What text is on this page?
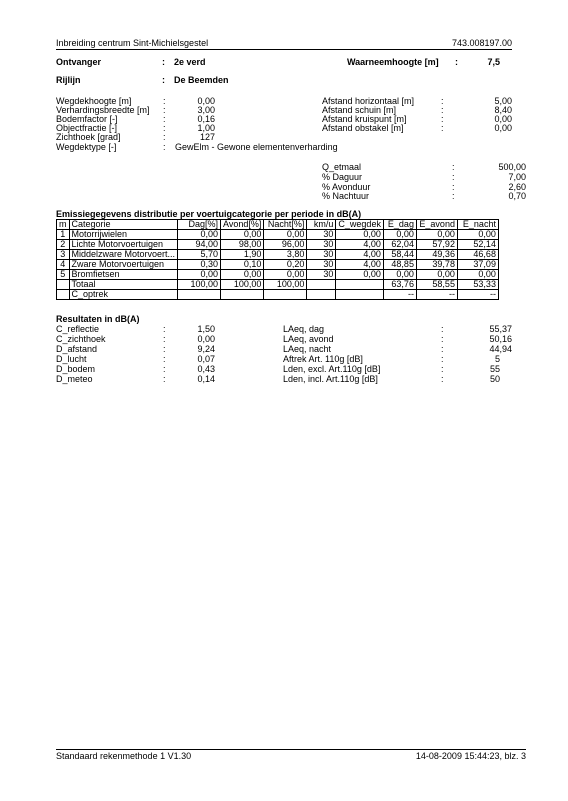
Inbreiding centrum Sint-Michielsgestel	743.008197.00
Ontvanger	: 2e verd	Waarneemhoogte [m] :	7,5
Rijlijn	: De Beemden
Wegdekhoogte [m]	:	0,00
Verhardingsbreedte [m] :	3,00
Bodemfactor [-]	:	0,16
Objectfractie [-]	:	1,00
Zichthoek [grad]	:	127
Wegdektype [-]	: GewElm - Gewone elementenverharding
Afstand horizontaal [m]	:	5,00
Afstand schuin [m]	:	8,40
Afstand kruispunt [m]	:	0,00
Afstand obstakel [m]	:	0,00
Q_etmaal	:	500,00
% Daguur	:	7,00
% Avonduur	:	2,60
% Nachtuur	:	0,70
Emissiegegevens distributie per voertuigcategorie per periode in dB(A)
m	Categorie	Dag[%]	Avond[%]	Nacht[%]	km/u	C_wegdek	E_dag	E_avond	E_nacht
1	Motorrijwielen	0,00	0,00	0,00	30	0,00	0,00	0,00	0,00
2	Lichte Motorvoertuigen	94,00	98,00	96,00	30	4,00	62,04	57,92	52,14
3	Middelzware Motorvoert...	5,70	1,90	3,80	30	4,00	58,44	49,36	46,68
4	Zware Motorvoertuigen	0,30	0,10	0,20	30	4,00	48,85	39,78	37,09
5	Bromfietsen	0,00	0,00	0,00	30	0,00	0,00	0,00	0,00
	Totaal	100,00	100,00	100,00			63,76	58,55	53,33
	C_optrek						--	--	--
Resultaten in dB(A)
C_reflectie	:	1,50
C_zichthoek	:	0,00
D_afstand	:	9,24
D_lucht	:	0,07
D_bodem	:	0,43
D_meteo	:	0,14
LAeq, dag	:	55,37
LAeq, avond	:	50,16
LAeq, nacht	:	44,94
Aftrek Art. 110g [dB]	:	5
Lden, excl. Art.110g [dB]	:	55
Lden, incl. Art.110g [dB]	:	50
Standaard rekenmethode 1 V1.30	14-08-2009 15:44:23, blz. 3
